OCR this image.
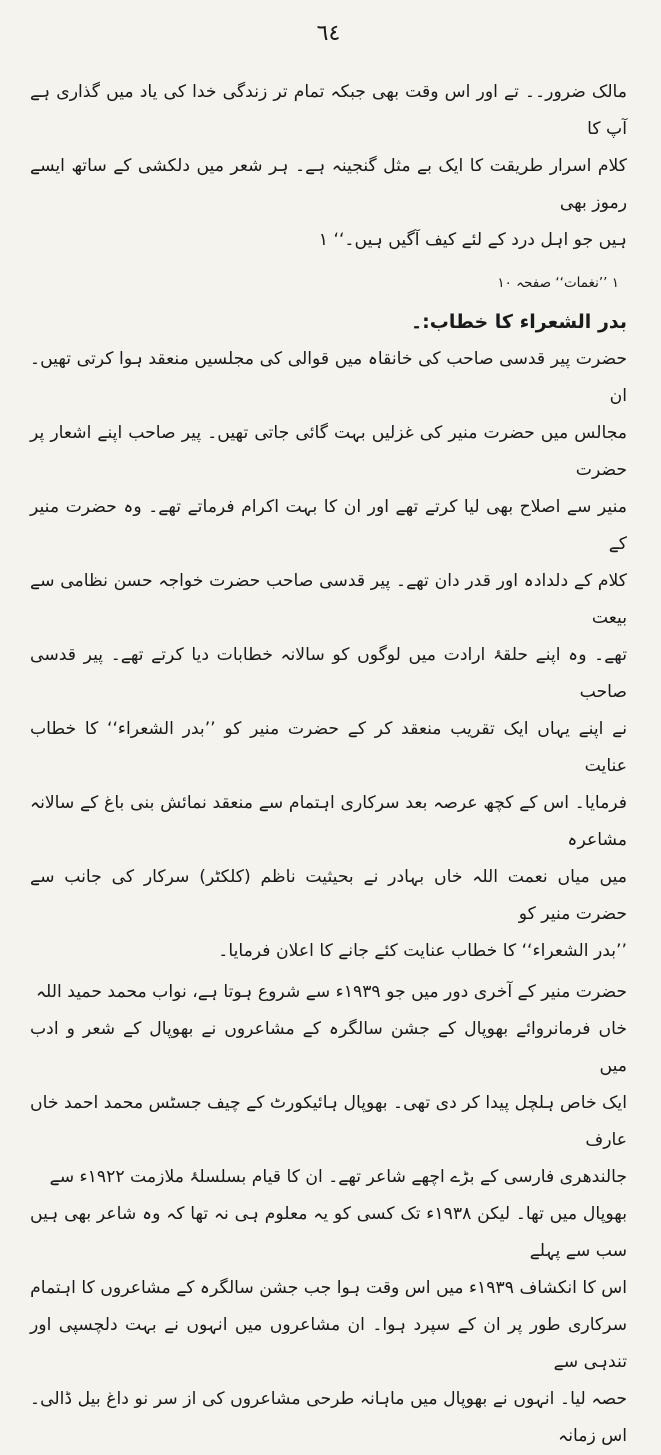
٦٤

مالک ضرور۔۔ تے اور اس وقت بھی جبکہ تمام تر زندگی خدا کی یاد میں گذاری ہے آپ کا

کلام اسرار طریقت کا ایک بے مثل گنجینہ ہے۔ ہر شعر میں دلکشی کے ساتھ ایسے رموز بھی

ہیں جو اہل درد کے لئے کیف آگیں ہیں۔‘‘ ۱

۱ ’’نغمات‘‘ صفحہ ۱۰
بدر الشعراء کا خطاب:۔

حضرت پیر قدسی صاحب کی خانقاہ میں قوالی کی مجلسیں منعقد ہوا کرتی تھیں۔ ان

مجالس میں حضرت منیر کی غزلیں بہت گائی جاتی تھیں۔ پیر صاحب اپنے اشعار پر حضرت

منیر سے اصلاح بھی لیا کرتے تھے اور ان کا بہت اکرام فرماتے تھے۔ وہ حضرت منیر کے

کلام کے دلدادہ اور قدر دان تھے۔ پیر قدسی صاحب حضرت خواجہ حسن نظامی سے بیعت

تھے۔ وہ اپنے حلقۂ ارادت میں لوگوں کو سالانہ خطابات دیا کرتے تھے۔ پیر قدسی صاحب

نے اپنے یہاں ایک تقریب منعقد کر کے حضرت منیر کو ’’بدر الشعراء‘‘ کا خطاب عنایت

فرمایا۔ اس کے کچھ عرصہ بعد سرکاری اہتمام سے منعقد نمائش بنی باغ کے سالانہ مشاعرہ

میں میاں نعمت اللہ خاں بہادر نے بحیثیت ناظم (کلکٹر) سرکار کی جانب سے حضرت منیر کو

’’بدر الشعراء‘‘ کا خطاب عنایت کئے جانے کا اعلان فرمایا۔

حضرت منیر کے آخری دور میں جو ۱۹۳۹ء سے شروع ہوتا ہے، نواب محمد حمید اللہ

خاں فرمانروائے بھوپال کے جشن سالگرہ کے مشاعروں نے بھوپال کے شعر و ادب میں

ایک خاص ہلچل پیدا کر دی تھی۔ بھوپال ہائیکورٹ کے چیف جسٹس محمد احمد خاں عارف

جالندھری فارسی کے بڑے اچھے شاعر تھے۔ ان کا قیام بسلسلۂ ملازمت ۱۹۲۲ء سے

بھوپال میں تھا۔ لیکن ۱۹۳۸ء تک کسی کو یہ معلوم ہی نہ تھا کہ وہ شاعر بھی ہیں سب سے پہلے

اس کا انکشاف ۱۹۳۹ء میں اس وقت ہوا جب جشن سالگرہ کے مشاعروں کا اہتمام

سرکاری طور پر ان کے سپرد ہوا۔ ان مشاعروں میں انہوں نے بہت دلچسپی اور تندہی سے

حصہ لیا۔ انہوں نے بھوپال میں ماہانہ طرحی مشاعروں کی از سر نو داغ بیل ڈالی۔ اس زمانہ
